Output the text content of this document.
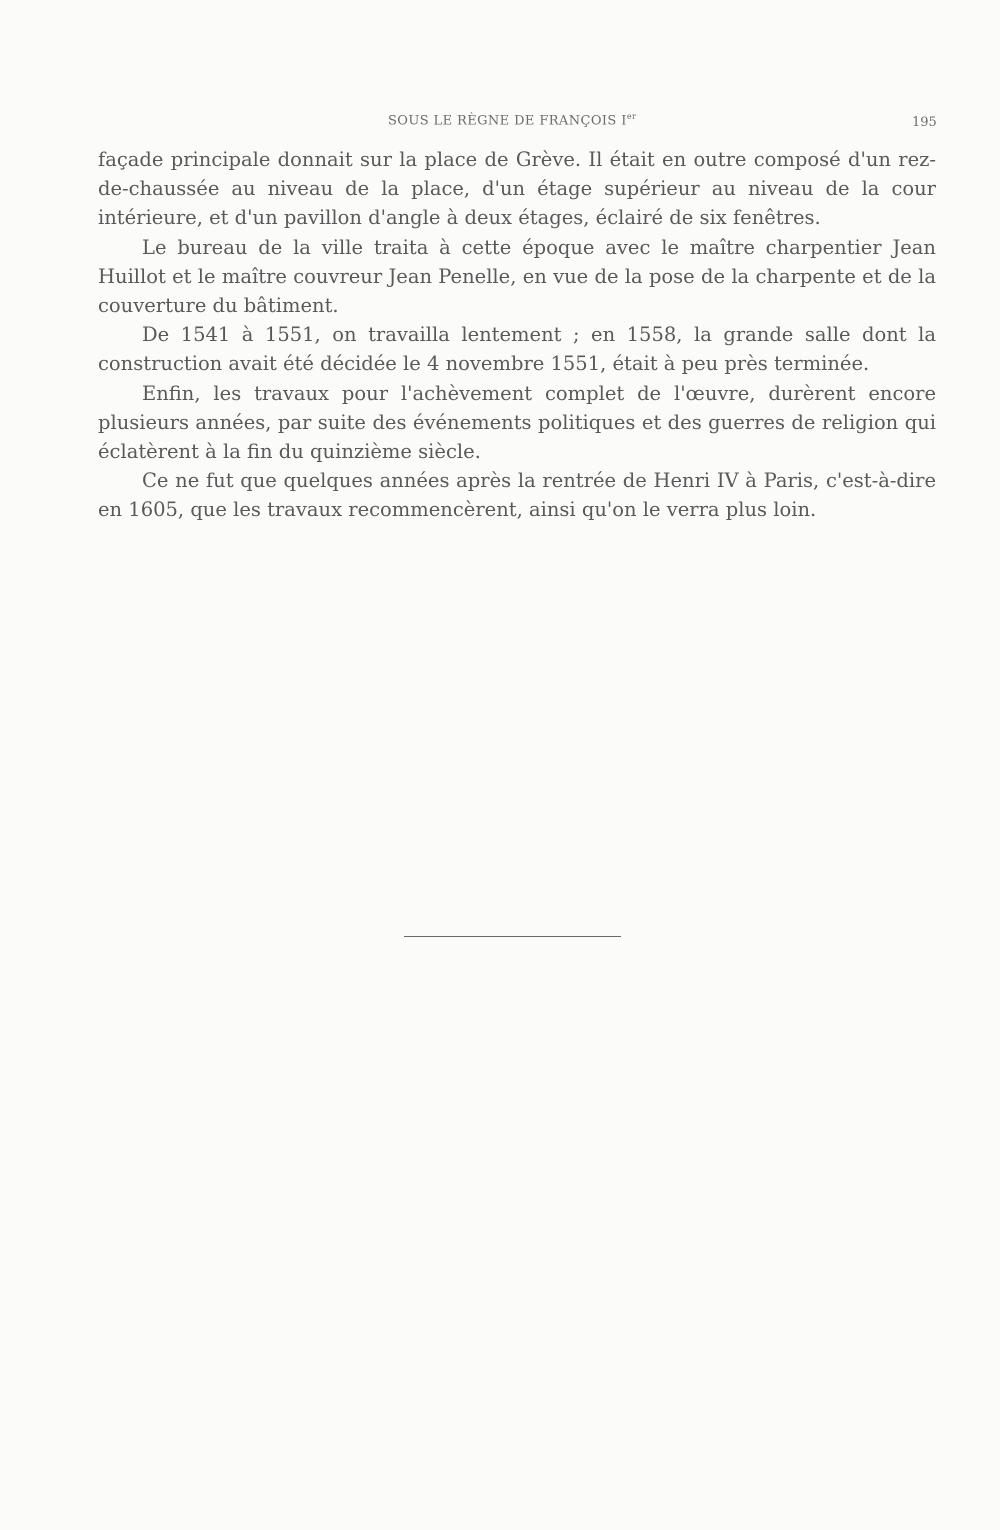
SOUS LE RÈGNE DE FRANÇOIS Ier	195

façade principale donnait sur la place de Grève. Il était en outre composé d'un rez-de-chaussée au niveau de la place, d'un étage supérieur au niveau de la cour intérieure, et d'un pavillon d'angle à deux étages, éclairé de six fenêtres.

Le bureau de la ville traita à cette époque avec le maître charpentier Jean Huillot et le maître couvreur Jean Penelle, en vue de la pose de la charpente et de la couverture du bâtiment.

De 1541 à 1551, on travailla lentement ; en 1558, la grande salle dont la construction avait été décidée le 4 novembre 1551, était à peu près terminée.

Enfin, les travaux pour l'achèvement complet de l'œuvre, durèrent encore plusieurs années, par suite des événements politiques et des guerres de religion qui éclatèrent à la fin du quinzième siècle.

Ce ne fut que quelques années après la rentrée de Henri IV à Paris, c'est-à-dire en 1605, que les travaux recommencèrent, ainsi qu'on le verra plus loin.
